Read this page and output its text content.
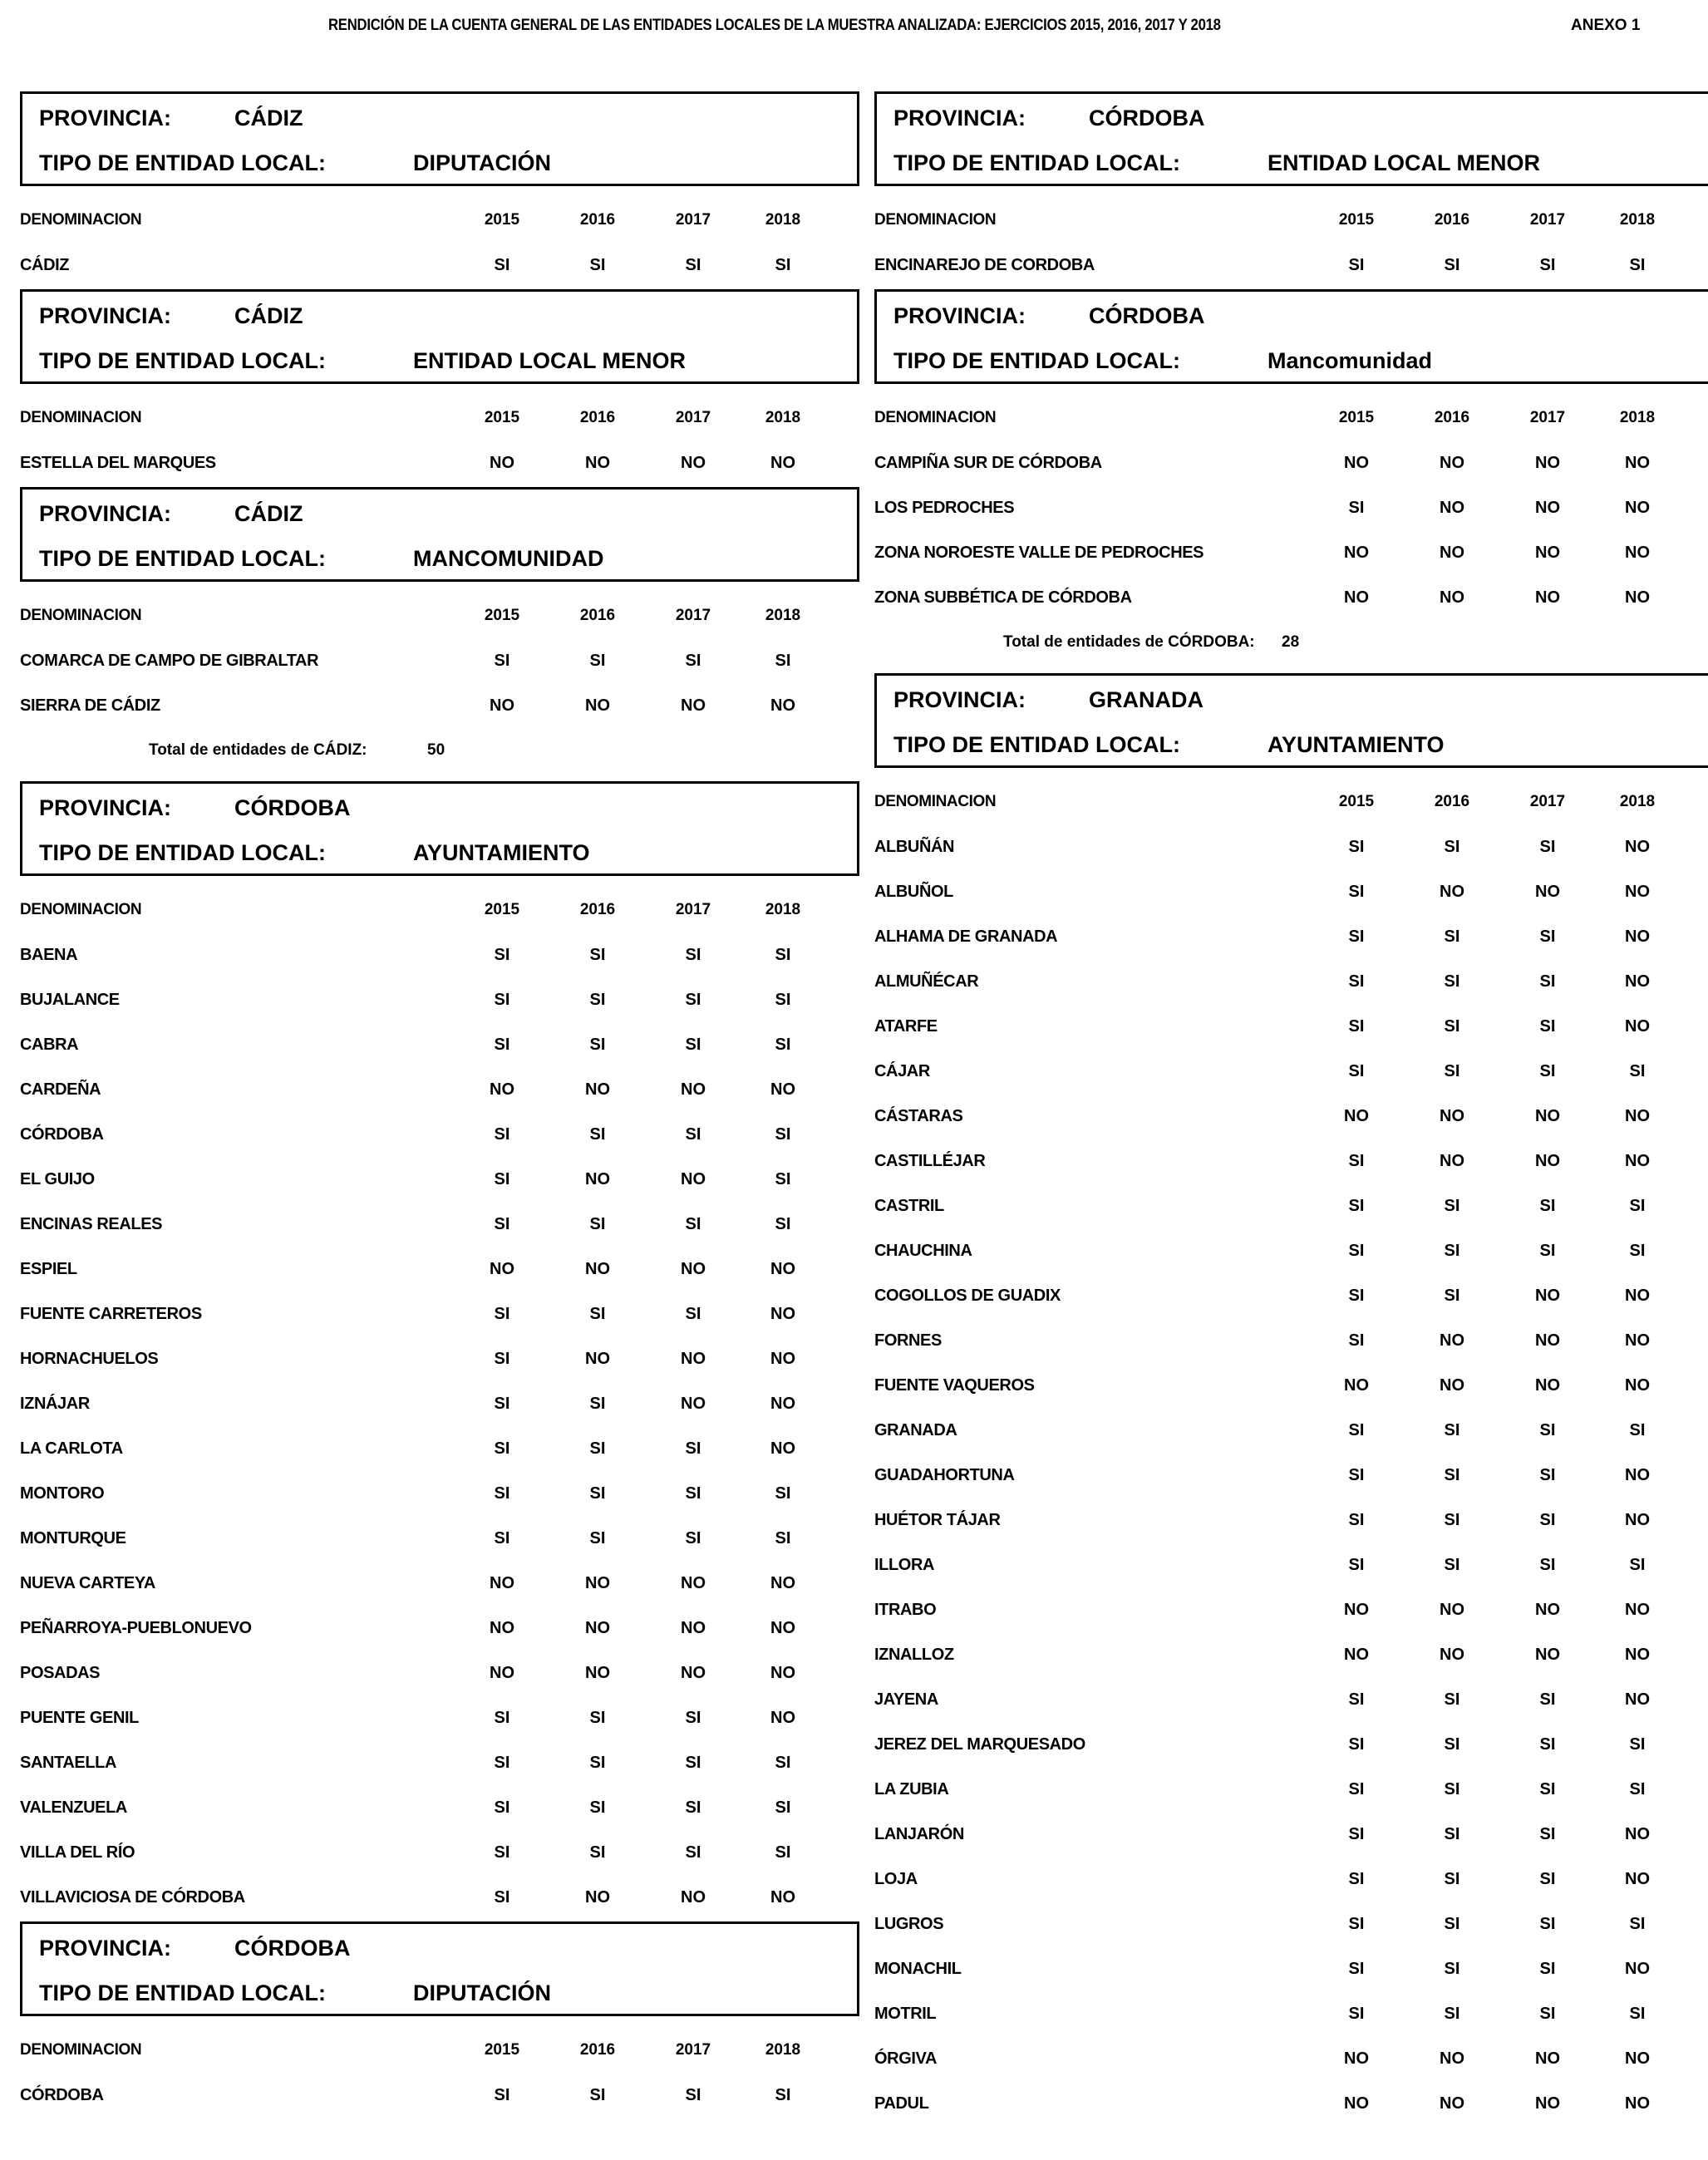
RENDICIÓN DE LA CUENTA GENERAL DE LAS ENTIDADES LOCALES DE LA MUESTRA ANALIZADA: EJERCICIOS 2015, 2016, 2017 Y 2018	ANEXO 1
PROVINCIA:	CÁDIZ
TIPO DE ENTIDAD LOCAL:	DIPUTACIÓN
DENOMINACION	2015	2016	2017	2018
CÁDIZ	SI	SI	SI	SI
PROVINCIA:	CÁDIZ
TIPO DE ENTIDAD LOCAL:	ENTIDAD LOCAL MENOR
DENOMINACION	2015	2016	2017	2018
ESTELLA DEL MARQUES	NO	NO	NO	NO
PROVINCIA:	CÁDIZ
TIPO DE ENTIDAD LOCAL:	MANCOMUNIDAD
DENOMINACION	2015	2016	2017	2018
COMARCA DE CAMPO DE GIBRALTAR	SI	SI	SI	SI
SIERRA DE CÁDIZ	NO	NO	NO	NO
Total de entidades de CÁDIZ:	50
PROVINCIA:	CÓRDOBA
TIPO DE ENTIDAD LOCAL:	AYUNTAMIENTO
DENOMINACION	2015	2016	2017	2018
BAENA	SI	SI	SI	SI
BUJALANCE	SI	SI	SI	SI
CABRA	SI	SI	SI	SI
CARDEÑA	NO	NO	NO	NO
CÓRDOBA	SI	SI	SI	SI
EL GUIJO	SI	NO	NO	SI
ENCINAS REALES	SI	SI	SI	SI
ESPIEL	NO	NO	NO	NO
FUENTE CARRETEROS	SI	SI	SI	NO
HORNACHUELOS	SI	NO	NO	NO
IZNÁJAR	SI	SI	NO	NO
LA CARLOTA	SI	SI	SI	NO
MONTORO	SI	SI	SI	SI
MONTURQUE	SI	SI	SI	SI
NUEVA CARTEYA	NO	NO	NO	NO
PEÑARROYA-PUEBLONUEVO	NO	NO	NO	NO
POSADAS	NO	NO	NO	NO
PUENTE GENIL	SI	SI	SI	NO
SANTAELLA	SI	SI	SI	SI
VALENZUELA	SI	SI	SI	SI
VILLA DEL RÍO	SI	SI	SI	SI
VILLAVICIOSA DE CÓRDOBA	SI	NO	NO	NO
PROVINCIA:	CÓRDOBA
TIPO DE ENTIDAD LOCAL:	DIPUTACIÓN
DENOMINACION	2015	2016	2017	2018
CÓRDOBA	SI	SI	SI	SI
PROVINCIA:	CÓRDOBA
TIPO DE ENTIDAD LOCAL:	ENTIDAD LOCAL MENOR
DENOMINACION	2015	2016	2017	2018
ENCINAREJO DE CORDOBA	SI	SI	SI	SI
PROVINCIA:	CÓRDOBA
TIPO DE ENTIDAD LOCAL:	Mancomunidad
DENOMINACION	2015	2016	2017	2018
CAMPIÑA SUR DE CÓRDOBA	NO	NO	NO	NO
LOS PEDROCHES	SI	NO	NO	NO
ZONA NOROESTE VALLE DE PEDROCHES	NO	NO	NO	NO
ZONA SUBBÉTICA DE CÓRDOBA	NO	NO	NO	NO
Total de entidades de CÓRDOBA: 28
PROVINCIA:	GRANADA
TIPO DE ENTIDAD LOCAL:	AYUNTAMIENTO
DENOMINACION	2015	2016	2017	2018
ALBUÑÁN	SI	SI	SI	NO
ALBUÑOL	SI	NO	NO	NO
ALHAMA DE GRANADA	SI	SI	SI	NO
ALMUÑÉCAR	SI	SI	SI	NO
ATARFE	SI	SI	SI	NO
CÁJAR	SI	SI	SI	SI
CÁSTARAS	NO	NO	NO	NO
CASTILLÉJAR	SI	NO	NO	NO
CASTRIL	SI	SI	SI	SI
CHAUCHINA	SI	SI	SI	SI
COGOLLOS DE GUADIX	SI	SI	NO	NO
FORNES	SI	NO	NO	NO
FUENTE VAQUEROS	NO	NO	NO	NO
GRANADA	SI	SI	SI	SI
GUADAHORTUNA	SI	SI	SI	NO
HUÉTOR TÁJAR	SI	SI	SI	NO
ILLORA	SI	SI	SI	SI
ITRABO	NO	NO	NO	NO
IZNALLOZ	NO	NO	NO	NO
JAYENA	SI	SI	SI	NO
JEREZ DEL MARQUESADO	SI	SI	SI	SI
LA ZUBIA	SI	SI	SI	SI
LANJARÓN	SI	SI	SI	NO
LOJA	SI	SI	SI	NO
LUGROS	SI	SI	SI	SI
MONACHIL	SI	SI	SI	NO
MOTRIL	SI	SI	SI	SI
ÓRGIVA	NO	NO	NO	NO
PADUL	NO	NO	NO	NO
